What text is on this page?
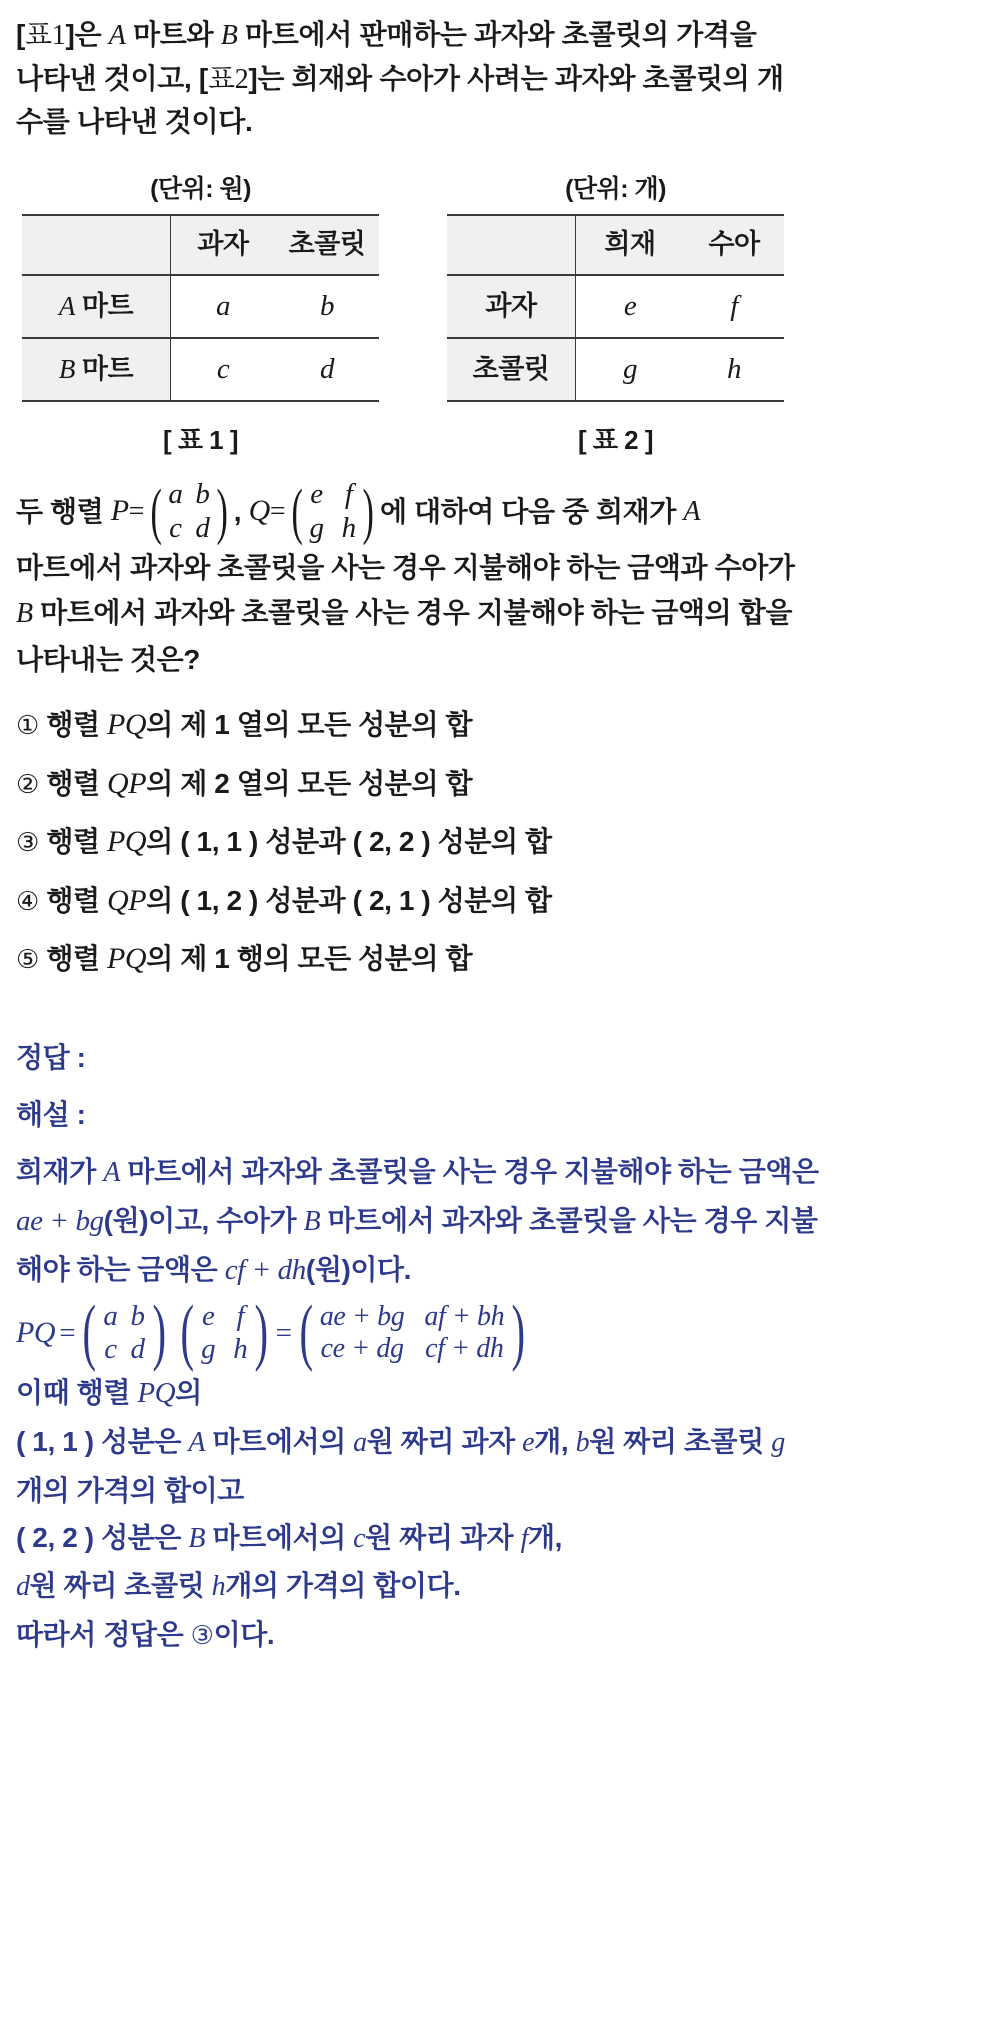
[표1]은 A 마트와 B 마트에서 판매하는 과자와 초콜릿의 가격을
나타낸 것이고, [표2]는 희재와 수아가 사려는 과자와 초콜릿의 개
수를 나타낸 것이다.
(단위: 원)
	과자	초콜릿
A 마트	a	b
B 마트	c	d
[ 표 1 ]
(단위: 개)
	희재	수아
과자	e	f
초콜릿	g	h
[ 표 2 ]
두 행렬
P = ( a b
c d ) ,
Q = ( e f
g h ) 에 대하여 다음 중 희재가
A
마트에서 과자와 초콜릿을 사는 경우 지불해야 하는 금액과 수아가
B 마트에서 과자와 초콜릿을 사는 경우 지불해야 하는 금액의 합을
나타내는 것은?
① 행렬 PQ의 제 1 열의 모든 성분의 합
② 행렬 QP의 제 2 열의 모든 성분의 합
③ 행렬 PQ의 ( 1, 1 ) 성분과 ( 2, 2 ) 성분의 합
④ 행렬 QP의 ( 1, 2 ) 성분과 ( 2, 1 ) 성분의 합
⑤ 행렬 PQ의 제 1 행의 모든 성분의 합
정답 :
해설 :
희재가 A 마트에서 과자와 초콜릿을 사는 경우 지불해야 하는 금액은
ae + bg(원)이고, 수아가 B 마트에서 과자와 초콜릿을 사는 경우 지불
해야 하는 금액은 cf + dh(원)이다.
PQ = ( a b
c d ) ( e f
g h ) = ( ae + bg af + bh
ce + dg cf + dh )
이때 행렬 PQ의
( 1, 1 ) 성분은 A 마트에서의 a원 짜리 과자 e개, b원 짜리 초콜릿 g
개의 가격의 합이고
( 2, 2 ) 성분은 B 마트에서의 c원 짜리 과자 f개,
d원 짜리 초콜릿 h개의 가격의 합이다.
따라서 정답은 ③이다.
